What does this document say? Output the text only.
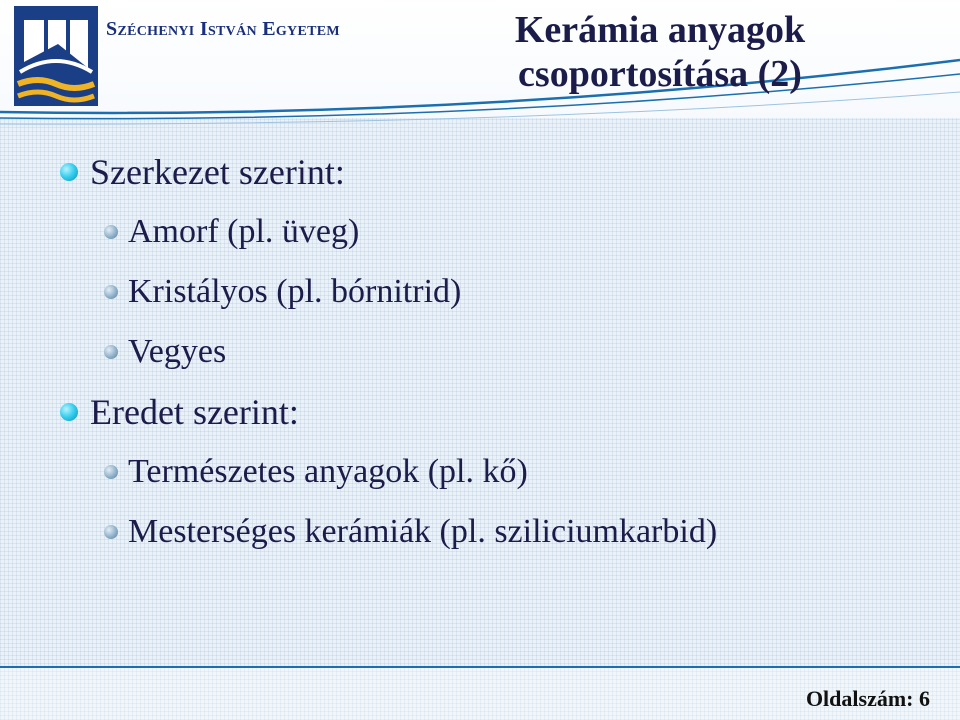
Széchenyi István Egyetem	Kerámia anyagok
csoportosítása (2)
Szerkezet szerint:
Amorf (pl. üveg)
Kristályos (pl. bórnitrid)
Vegyes
Eredet szerint:
Természetes anyagok (pl. kő)
Mesterséges kerámiák (pl. sziliciumkarbid)
Oldalszám: 6
